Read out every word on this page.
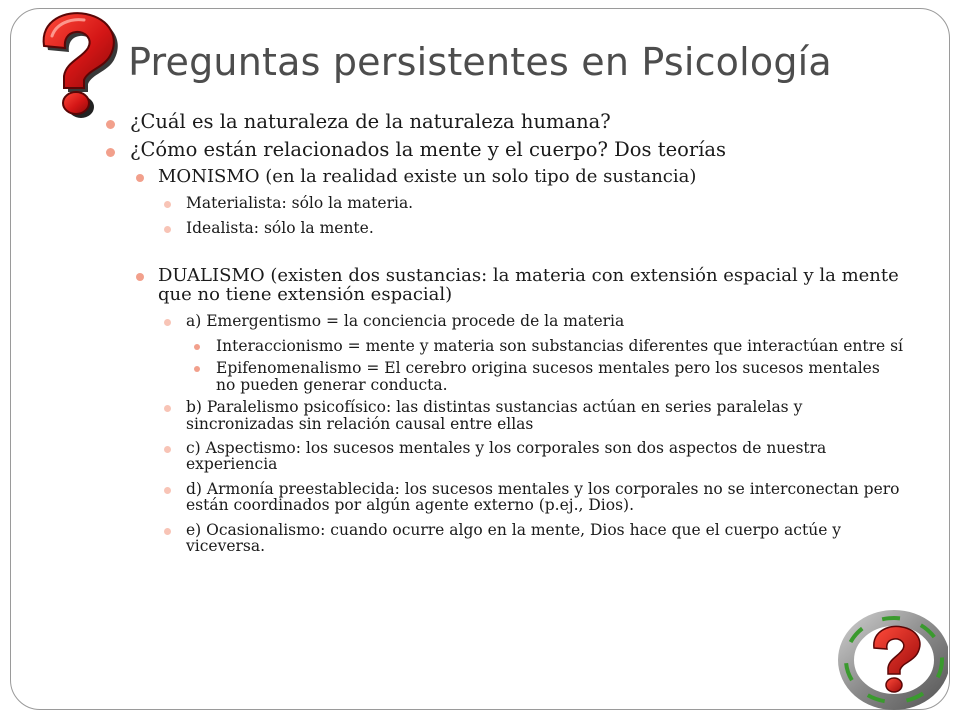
Preguntas persistentes en Psicología
¿Cuál es la naturaleza de la naturaleza humana?
¿Cómo están relacionados la mente y el cuerpo? Dos teorías
MONISMO (en la realidad existe un solo tipo de sustancia)
Materialista: sólo la materia.
Idealista: sólo la mente.
DUALISMO (existen dos sustancias: la materia con extensión espacial y la mente que no tiene extensión espacial)
a) Emergentismo = la conciencia procede de la materia
Interaccionismo = mente y materia son substancias diferentes que interactúan entre sí
Epifenomenalismo = El cerebro origina sucesos mentales pero los sucesos mentales no pueden generar conducta.
b) Paralelismo psicofísico: las distintas sustancias actúan en series paralelas y sincronizadas sin relación causal entre ellas
c) Aspectismo: los sucesos mentales y los corporales son dos aspectos de nuestra experiencia
d) Armonía preestablecida: los sucesos mentales y los corporales no se interconectan pero están coordinados por algún agente externo (p.ej., Dios).
e) Ocasionalismo: cuando ocurre algo en la mente, Dios hace que el cuerpo actúe y viceversa.
